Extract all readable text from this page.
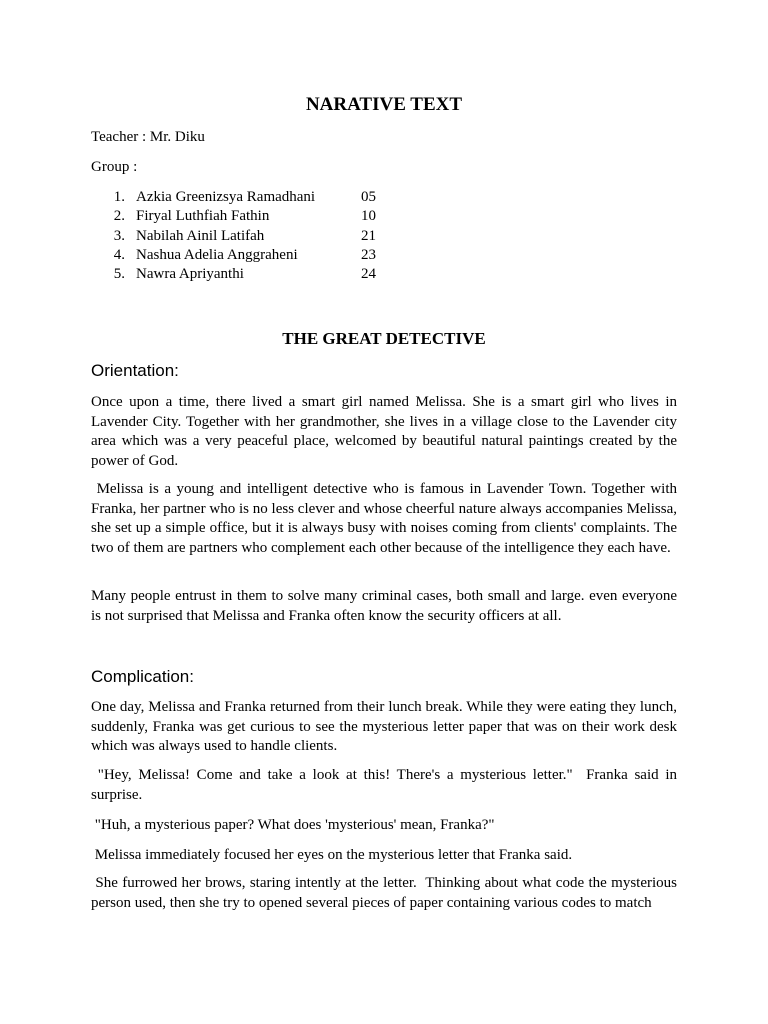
NARATIVE TEXT

Teacher : Mr. Diku

Group :

1. Azkia Greenizsya Ramadhani	05
2. Firyal Luthfiah Fathin	10
3. Nabilah Ainil Latifah	21
4. Nashua Adelia Anggraheni	23
5. Nawra Apriyanthi	24
THE GREAT DETECTIVE
Orientation:

Once upon a time, there lived a smart girl named Melissa. She is a smart girl who lives in Lavender City. Together with her grandmother, she lives in a village close to the Lavender city area which was a very peaceful place, welcomed by beautiful natural paintings created by the power of God.

Melissa is a young and intelligent detective who is famous in Lavender Town. Together with Franka, her partner who is no less clever and whose cheerful nature always accompanies Melissa, she set up a simple office, but it is always busy with noises coming from clients' complaints. The two of them are partners who complement each other because of the intelligence they each have.

Many people entrust in them to solve many criminal cases, both small and large. even everyone is not surprised that Melissa and Franka often know the security officers at all.

Complication:

One day, Melissa and Franka returned from their lunch break. While they were eating they lunch, suddenly, Franka was get curious to see the mysterious letter paper that was on their work desk which was always used to handle clients.

"Hey, Melissa! Come and take a look at this! There's a mysterious letter."  Franka said in surprise.

"Huh, a mysterious paper? What does 'mysterious' mean, Franka?"

Melissa immediately focused her eyes on the mysterious letter that Franka said.

She furrowed her brows, staring intently at the letter.  Thinking about what code the mysterious person used, then she try to opened several pieces of paper containing various codes to match
